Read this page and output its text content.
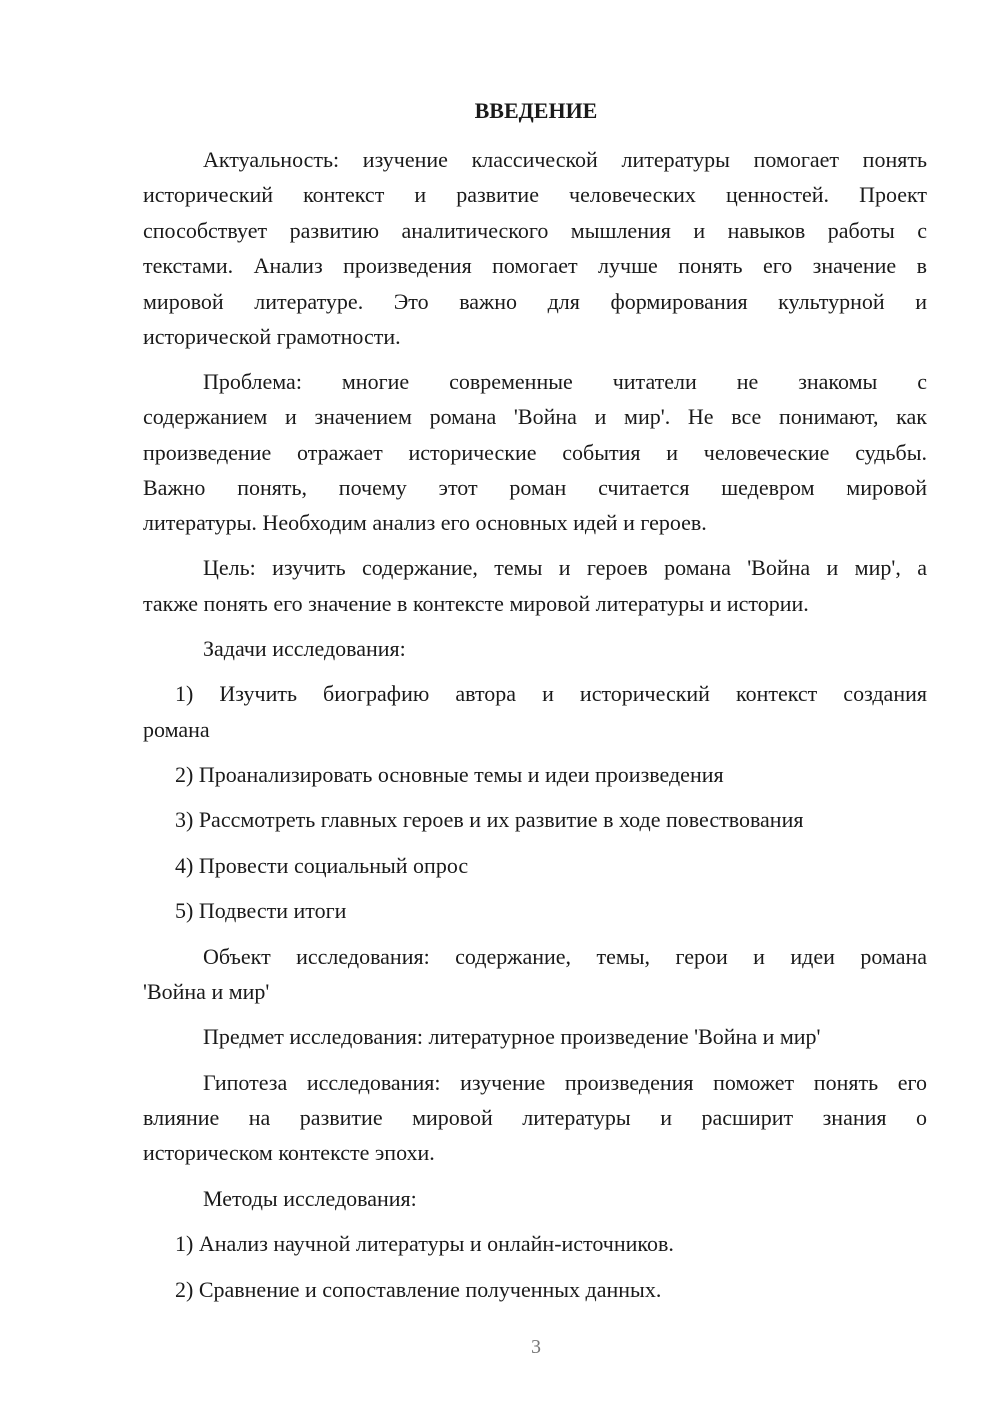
ВВЕДЕНИЕ
Актуальность: изучение классической литературы помогает понять
исторический контекст и развитие человеческих ценностей. Проект
способствует развитию аналитического мышления и навыков работы с
текстами. Анализ произведения помогает лучше понять его значение в
мировой литературе. Это важно для формирования культурной и
исторической грамотности.
Проблема: многие современные читатели не знакомы с
содержанием и значением романа 'Война и мир'. Не все понимают, как
произведение отражает исторические события и человеческие судьбы.
Важно понять, почему этот роман считается шедевром мировой
литературы. Необходим анализ его основных идей и героев.
Цель: изучить содержание, темы и героев романа 'Война и мир', а
также понять его значение в контексте мировой литературы и истории.
Задачи исследования:
1) Изучить биографию автора и исторический контекст создания
романа
2) Проанализировать основные темы и идеи произведения
3) Рассмотреть главных героев и их развитие в ходе повествования
4) Провести социальный опрос
5) Подвести итоги
Объект исследования: содержание, темы, герои и идеи романа
'Война и мир'
Предмет исследования: литературное произведение 'Война и мир'
Гипотеза исследования: изучение произведения поможет понять его
влияние на развитие мировой литературы и расширит знания о
историческом контексте эпохи.
Методы исследования:
1) Анализ научной литературы и онлайн-источников.
2) Сравнение и сопоставление полученных данных.
3
